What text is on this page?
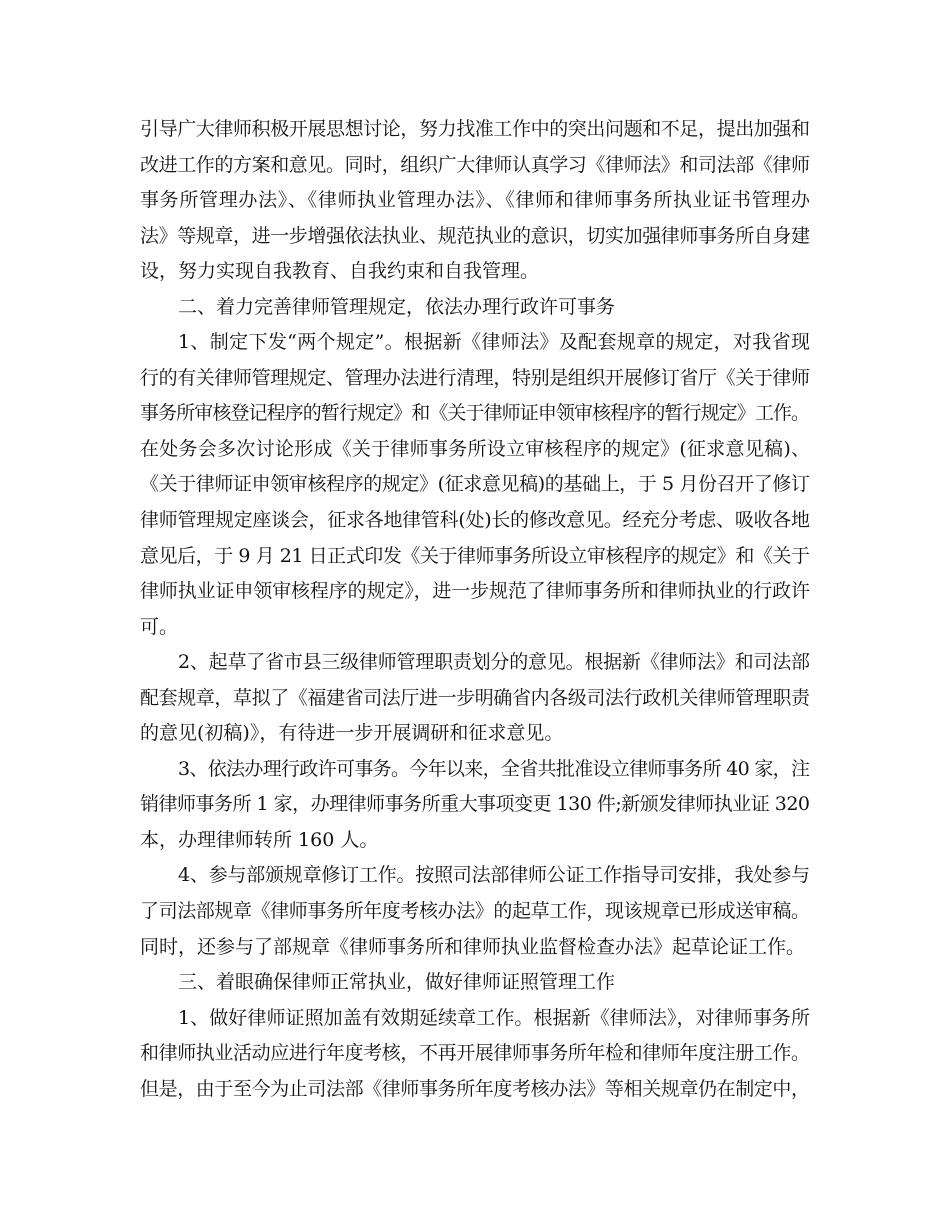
引导广大律师积极开展思想讨论，努力找准工作中的突出问题和不足，提出加强和
改进工作的方案和意见。同时，组织广大律师认真学习《律师法》和司法部《律师
事务所管理办法》、《律师执业管理办法》、《律师和律师事务所执业证书管理办
法》等规章，进一步增强依法执业、规范执业的意识，切实加强律师事务所自身建
设，努力实现自我教育、自我约束和自我管理。
二、着力完善律师管理规定，依法办理行政许可事务
1、制定下发“两个规定”。根据新《律师法》及配套规章的规定，对我省现
行的有关律师管理规定、管理办法进行清理，特别是组织开展修订省厅《关于律师
事务所审核登记程序的暂行规定》和《关于律师证申领审核程序的暂行规定》工作。
在处务会多次讨论形成《关于律师事务所设立审核程序的规定》(征求意见稿)、
《关于律师证申领审核程序的规定》(征求意见稿)的基础上，于 5 月份召开了修订
律师管理规定座谈会，征求各地律管科(处)长的修改意见。经充分考虑、吸收各地
意见后，于 9 月 21 日正式印发《关于律师事务所设立审核程序的规定》和《关于
律师执业证申领审核程序的规定》，进一步规范了律师事务所和律师执业的行政许
可。
2、起草了省市县三级律师管理职责划分的意见。根据新《律师法》和司法部
配套规章，草拟了《福建省司法厅进一步明确省内各级司法行政机关律师管理职责
的意见(初稿)》，有待进一步开展调研和征求意见。
3、依法办理行政许可事务。今年以来，全省共批准设立律师事务所 40 家，注
销律师事务所 1 家，办理律师事务所重大事项变更 130 件;新颁发律师执业证 320
本，办理律师转所 160 人。
4、参与部颁规章修订工作。按照司法部律师公证工作指导司安排，我处参与
了司法部规章《律师事务所年度考核办法》的起草工作，现该规章已形成送审稿。
同时，还参与了部规章《律师事务所和律师执业监督检查办法》起草论证工作。
三、着眼确保律师正常执业，做好律师证照管理工作
1、做好律师证照加盖有效期延续章工作。根据新《律师法》，对律师事务所
和律师执业活动应进行年度考核，不再开展律师事务所年检和律师年度注册工作。
但是，由于至今为止司法部《律师事务所年度考核办法》等相关规章仍在制定中，
